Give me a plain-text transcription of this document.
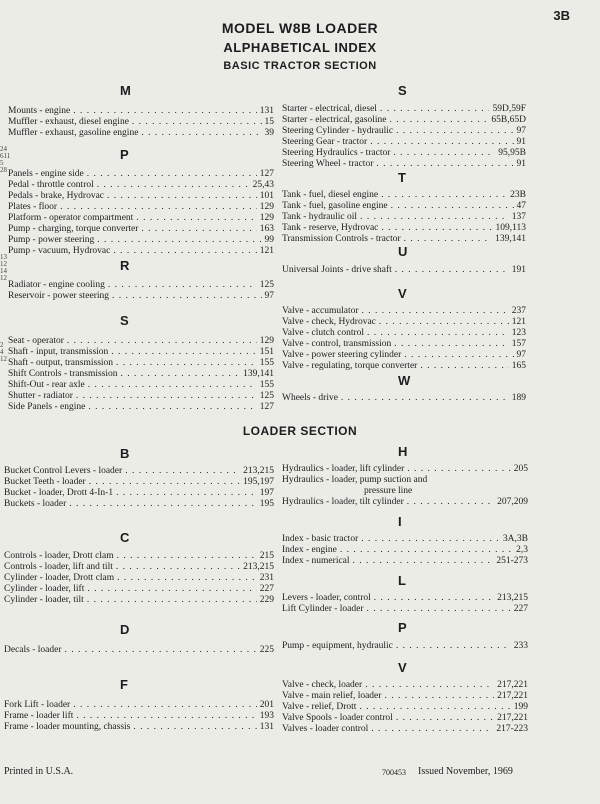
3B
MODEL W8B LOADER
ALPHABETICAL INDEX
BASIC TRACTOR SECTION
24
611
5
28
13
12
14
12
2
4
12
M
Mounts - engine . . .	131
Muffler - exhaust, diesel engine . . .	15
Muffler - exhaust, gasoline engine . . .	39
P
Panels - engine side . . .	127
Pedal - throttle control . . .	25,43
Pedals - brake, Hydrovac . . .	101
Plates - floor . . .	129
Platform - operator compartment . . .	129
Pump - charging, torque converter . . .	163
Pump - power steering . . .	99
Pump - vacuum, Hydrovac . . .	121
R
Radiator - engine cooling . . .	125
Reservoir - power steering . . .	97
S
Seat - operator . . .	129
Shaft - input, transmission . . .	151
Shaft - output, transmission . . .	155
Shift Controls - transmission . . .	139,141
Shift-Out - rear axle . . .	155
Shutter - radiator . . .	125
Side Panels - engine . . .	127
S
Starter - electrical, diesel . . .	59D,59F
Starter - electrical, gasoline . . .	65B,65D
Steering Cylinder - hydraulic . . .	97
Steering Gear - tractor . . .	91
Steering Hydraulics - tractor . . .	95,95B
Steering Wheel - tractor . . .	91
T
Tank - fuel, diesel engine . . .	23B
Tank - fuel, gasoline engine . . .	47
Tank - hydraulic oil . . .	137
Tank - reserve, Hydrovac . . .	109,113
Transmission Controls - tractor . . .	139,141
U
Universal Joints - drive shaft . . .	191
V
Valve - accumulator . . .	237
Valve - check, Hydrovac . . .	121
Valve - clutch control . . .	123
Valve - control, transmission . . .	157
Valve - power steering cylinder . . .	97
Valve - regulating, torque converter . . .	165
W
Wheels - drive . . .	189
LOADER SECTION
B
Bucket Control Levers - loader . . .	213,215
Bucket Teeth - loader . . .	195,197
Bucket - loader, Drott 4-In-1 . . .	197
Buckets - loader . . .	195
C
Controls - loader, Drott clam . . .	215
Controls - loader, lift and tilt . . .	213,215
Cylinder - loader, Drott clam . . .	231
Cylinder - loader, lift . . .	227
Cylinder - loader, tilt . . .	229
D
Decals - loader . . .	225
F
Fork Lift - loader . . .	201
Frame - loader lift . . .	193
Frame - loader mounting, chassis . . .	131
H
Hydraulics - loader, lift cylinder . . .	205
Hydraulics - loader, pump suction and
pressure line
Hydraulics - loader, tilt cylinder . . .	207,209
I
Index - basic tractor . . .	3A,3B
Index - engine . . .	2,3
Index - numerical . . .	251-273
L
Levers - loader, control . . .	213,215
Lift Cylinder - loader . . .	227
P
Pump - equipment, hydraulic . . .	233
V
Valve - check, loader . . .	217,221
Valve - main relief, loader . . .	217,221
Valve - relief, Drott . . .	199
Valve Spools - loader control . . .	217,221
Valves - loader control . . .	217-223
Printed in U.S.A.	700453 Issued November, 1969
